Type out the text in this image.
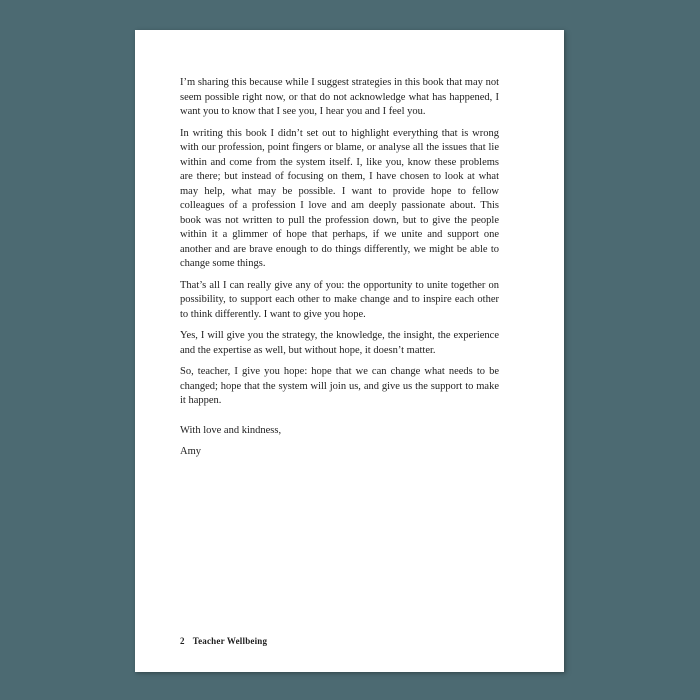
I’m sharing this because while I suggest strategies in this book that may not seem possible right now, or that do not acknowledge what has happened, I want you to know that I see you, I hear you and I feel you.

In writing this book I didn’t set out to highlight everything that is wrong with our profession, point fingers or blame, or analyse all the issues that lie within and come from the system itself. I, like you, know these problems are there; but instead of focusing on them, I have chosen to look at what may help, what may be possible. I want to provide hope to fellow colleagues of a profession I love and am deeply passionate about. This book was not written to pull the profession down, but to give the people within it a glimmer of hope that perhaps, if we unite and support one another and are brave enough to do things differently, we might be able to change some things.

That’s all I can really give any of you: the opportunity to unite together on possibility, to support each other to make change and to inspire each other to think differently. I want to give you hope.

Yes, I will give you the strategy, the knowledge, the insight, the experience and the expertise as well, but without hope, it doesn’t matter.

So, teacher, I give you hope: hope that we can change what needs to be changed; hope that the system will join us, and give us the support to make it happen.

With love and kindness,

Amy

2 Teacher Wellbeing
